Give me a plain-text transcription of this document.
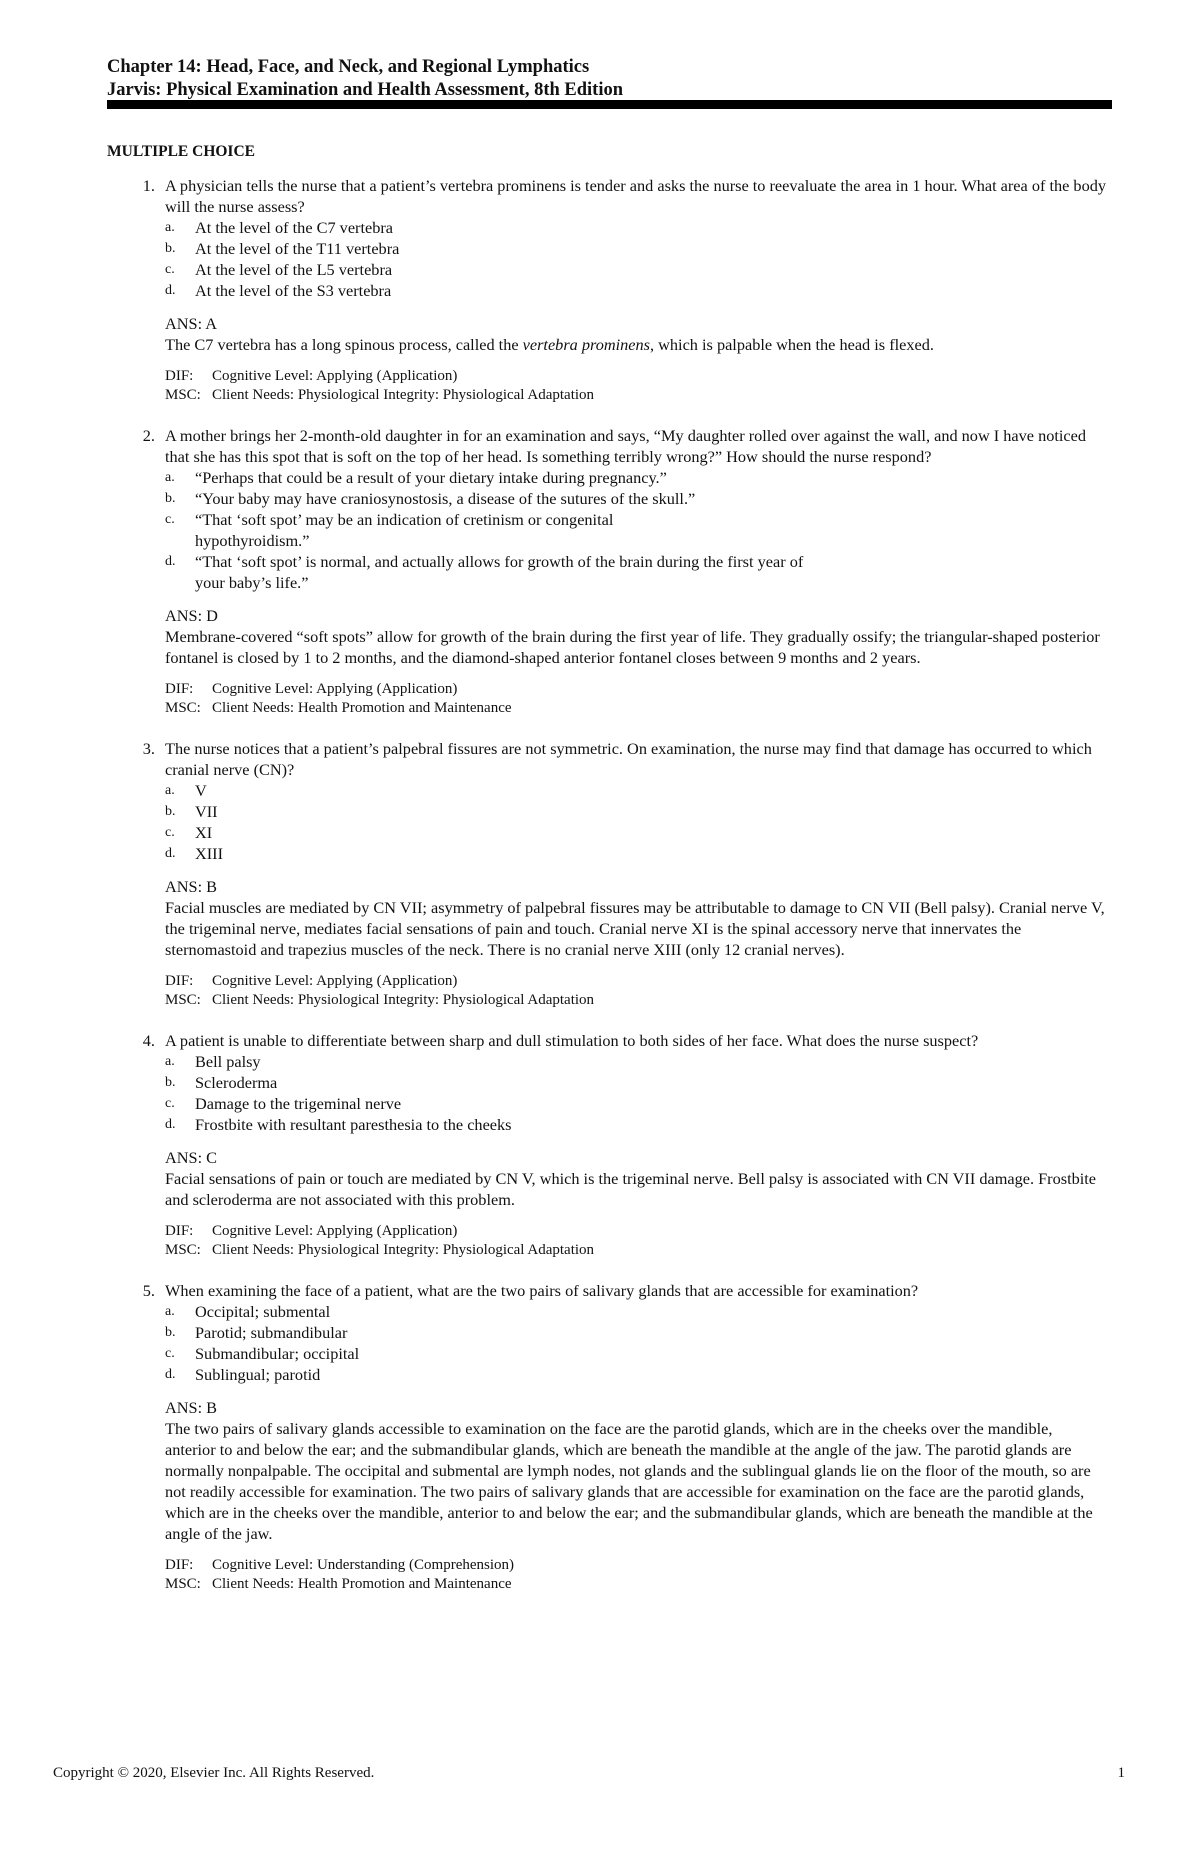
Chapter 14: Head, Face, and Neck, and Regional Lymphatics
Jarvis: Physical Examination and Health Assessment, 8th Edition
MULTIPLE CHOICE
1. A physician tells the nurse that a patient’s vertebra prominens is tender and asks the nurse to reevaluate the area in 1 hour. What area of the body will the nurse assess?
a.	At the level of the C7 vertebra
b.	At the level of the T11 vertebra
c.	At the level of the L5 vertebra
d.	At the level of the S3 vertebra
ANS: A
The C7 vertebra has a long spinous process, called the vertebra prominens, which is palpable when the head is flexed.
DIF:	Cognitive Level: Applying (Application)
MSC: Client Needs: Physiological Integrity: Physiological Adaptation
2. A mother brings her 2-month-old daughter in for an examination and says, “My daughter rolled over against the wall, and now I have noticed that she has this spot that is soft on the top of her head. Is something terribly wrong?” How should the nurse respond?
a.	“Perhaps that could be a result of your dietary intake during pregnancy.”
b.	“Your baby may have craniosynostosis, a disease of the sutures of the skull.”
c.	“That ‘soft spot’ may be an indication of cretinism or congenital hypothyroidism.”
d.	“That ‘soft spot’ is normal, and actually allows for growth of the brain during the first year of your baby’s life.”
ANS: D
Membrane-covered “soft spots” allow for growth of the brain during the first year of life. They gradually ossify; the triangular-shaped posterior fontanel is closed by 1 to 2 months, and the diamond-shaped anterior fontanel closes between 9 months and 2 years.
DIF:	Cognitive Level: Applying (Application)
MSC: Client Needs: Health Promotion and Maintenance
3. The nurse notices that a patient’s palpebral fissures are not symmetric. On examination, the nurse may find that damage has occurred to which cranial nerve (CN)?
a.	V
b.	VII
c.	XI
d.	XIII
ANS: B
Facial muscles are mediated by CN VII; asymmetry of palpebral fissures may be attributable to damage to CN VII (Bell palsy). Cranial nerve V, the trigeminal nerve, mediates facial sensations of pain and touch. Cranial nerve XI is the spinal accessory nerve that innervates the sternomastoid and trapezius muscles of the neck. There is no cranial nerve XIII (only 12 cranial nerves).
DIF:	Cognitive Level: Applying (Application)
MSC: Client Needs: Physiological Integrity: Physiological Adaptation
4. A patient is unable to differentiate between sharp and dull stimulation to both sides of her face. What does the nurse suspect?
a.	Bell palsy
b.	Scleroderma
c.	Damage to the trigeminal nerve
d.	Frostbite with resultant paresthesia to the cheeks
ANS: C
Facial sensations of pain or touch are mediated by CN V, which is the trigeminal nerve. Bell palsy is associated with CN VII damage. Frostbite and scleroderma are not associated with this problem.
DIF:	Cognitive Level: Applying (Application)
MSC: Client Needs: Physiological Integrity: Physiological Adaptation
5. When examining the face of a patient, what are the two pairs of salivary glands that are accessible for examination?
a.	Occipital; submental
b.	Parotid; submandibular
c.	Submandibular; occipital
d.	Sublingual; parotid
ANS: B
The two pairs of salivary glands accessible to examination on the face are the parotid glands, which are in the cheeks over the mandible, anterior to and below the ear; and the submandibular glands, which are beneath the mandible at the angle of the jaw. The parotid glands are normally nonpalpable. The occipital and submental are lymph nodes, not glands and the sublingual glands lie on the floor of the mouth, so are not readily accessible for examination. The two pairs of salivary glands that are accessible for examination on the face are the parotid glands, which are in the cheeks over the mandible, anterior to and below the ear; and the submandibular glands, which are beneath the mandible at the angle of the jaw.
DIF:	Cognitive Level: Understanding (Comprehension)
MSC: Client Needs: Health Promotion and Maintenance
Copyright © 2020, Elsevier Inc. All Rights Reserved.	1
